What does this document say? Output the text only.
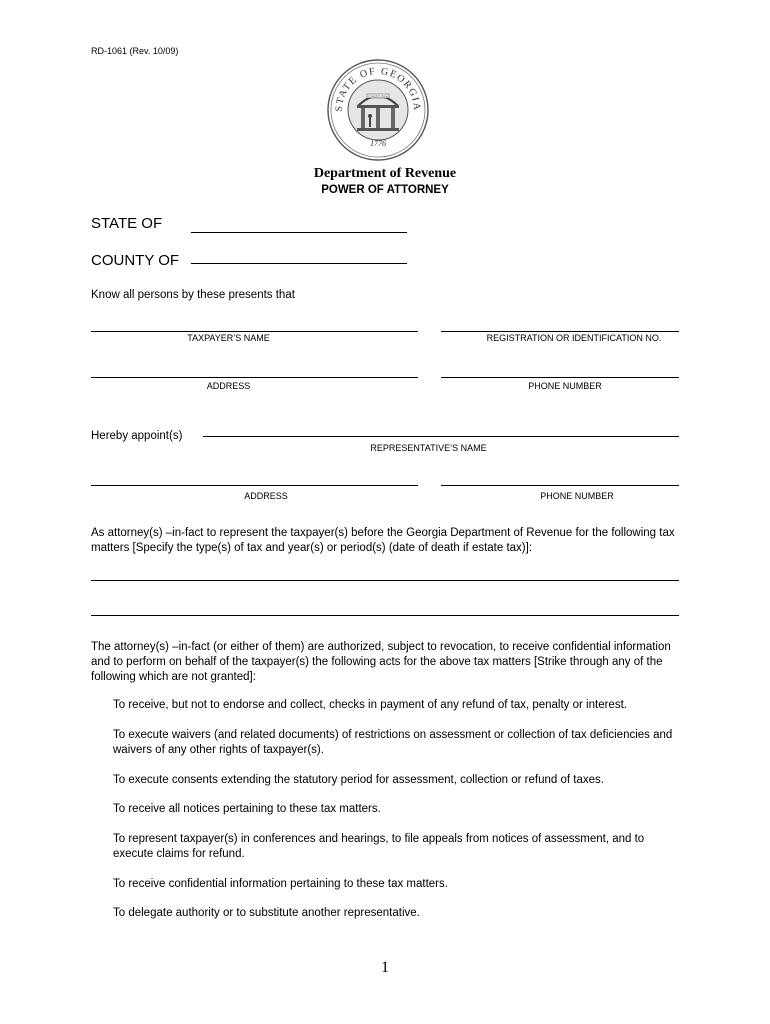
RD-1061 (Rev. 10/09)
STATE OF GEORGIA
CONSTITUTION
1776
Department of Revenue
POWER OF ATTORNEY
STATE OF
COUNTY OF
Know all persons by these presents that
TAXPAYER’S NAME	REGISTRATION OR IDENTIFICATION NO.
ADDRESS	PHONE NUMBER
Hereby appoint(s)
REPRESENTATIVE’S NAME
ADDRESS	PHONE NUMBER
As attorney(s) –in-fact to represent the taxpayer(s) before the Georgia Department of Revenue for the following tax matters [Specify the type(s) of tax and year(s) or period(s) (date of death if estate tax)]:
The attorney(s) –in-fact (or either of them) are authorized, subject to revocation, to receive confidential information and to perform on behalf of the taxpayer(s) the following acts for the above tax matters [Strike through any of the following which are not granted]:
To receive, but not to endorse and collect, checks in payment of any refund of tax, penalty or interest.
To execute waivers (and related documents) of restrictions on assessment or collection of tax deficiencies and waivers of any other rights of taxpayer(s).
To execute consents extending the statutory period for assessment, collection or refund of taxes.
To receive all notices pertaining to these tax matters.
To represent taxpayer(s) in conferences and hearings, to file appeals from notices of assessment, and to execute claims for refund.
To receive confidential information pertaining to these tax matters.
To delegate authority or to substitute another representative.
1
